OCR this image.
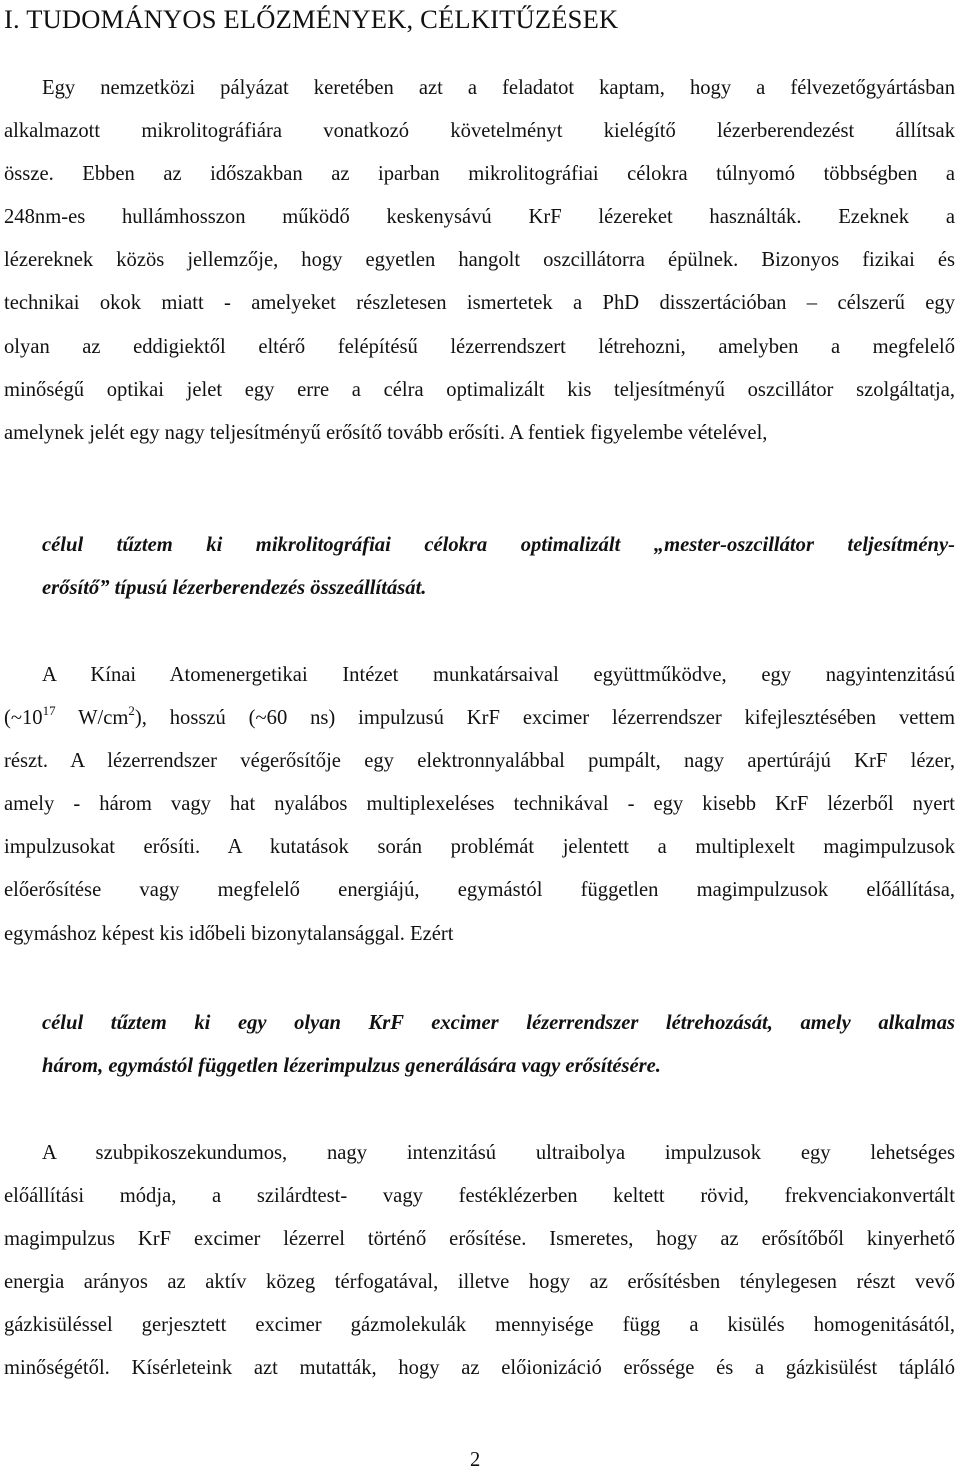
I. TUDOMÁNYOS ELŐZMÉNYEK, CÉLKITŰZÉSEK
Egy nemzetközi pályázat keretében azt a feladatot kaptam, hogy a félvezetőgyártásban
alkalmazott mikrolitográfiára vonatkozó követelményt kielégítő lézerberendezést állítsak
össze. Ebben az időszakban az iparban mikrolitográfiai célokra túlnyomó többségben a
248nm-es hullámhosszon működő keskenysávú KrF lézereket használták. Ezeknek a
lézereknek közös jellemzője, hogy egyetlen hangolt oszcillátorra épülnek. Bizonyos fizikai és
technikai okok miatt - amelyeket részletesen ismertetek a PhD disszertációban – célszerű egy
olyan az eddigiektől eltérő felépítésű lézerrendszert létrehozni, amelyben a megfelelő
minőségű optikai jelet egy erre a célra optimalizált kis teljesítményű oszcillátor szolgáltatja,
amelynek jelét egy nagy teljesítményű erősítő tovább erősíti. A fentiek figyelembe vételével,
célul tűztem ki mikrolitográfiai célokra optimalizált „mester-oszcillátor teljesítmény-
erősítő” típusú lézerberendezés összeállítását.
A Kínai Atomenergetikai Intézet munkatársaival együttműködve, egy nagyintenzitású
($\sim 10^{17}$ $W/cm^2$), hosszú (~60 ns) impulzusú KrF excimer lézerrendszer kifejlesztésében vettem
részt. A lézerrendszer végerősítője egy elektronnyalábbal pumpált, nagy apertúrájú KrF lézer,
amely - három vagy hat nyalábos multiplexeléses technikával - egy kisebb KrF lézerből nyert
impulzusokat erősíti. A kutatások során problémát jelentett a multiplexelt magimpulzusok
előerősítése vagy megfelelő energiájú, egymástól független magimpulzusok előállítása,
egymáshoz képest kis időbeli bizonytalansággal. Ezért
célul tűztem ki egy olyan KrF excimer lézerrendszer létrehozását, amely alkalmas
három, egymástól független lézerimpulzus generálására vagy erősítésére.
A szubpikoszekundumos, nagy intenzitású ultraibolya impulzusok egy lehetséges
előállítási módja, a szilárdtest- vagy festéklézerben keltett rövid, frekvenciakonvertált
magimpulzus KrF excimer lézerrel történő erősítése. Ismeretes, hogy az erősítőből kinyerhető
energia arányos az aktív közeg térfogatával, illetve hogy az erősítésben ténylegesen részt vevő
gázkisüléssel gerjesztett excimer gázmolekulák mennyisége függ a kisülés homogenitásától,
minőségétől. Kísérleteink azt mutatták, hogy az előionizáció erőssége és a gázkisülést tápláló
2
